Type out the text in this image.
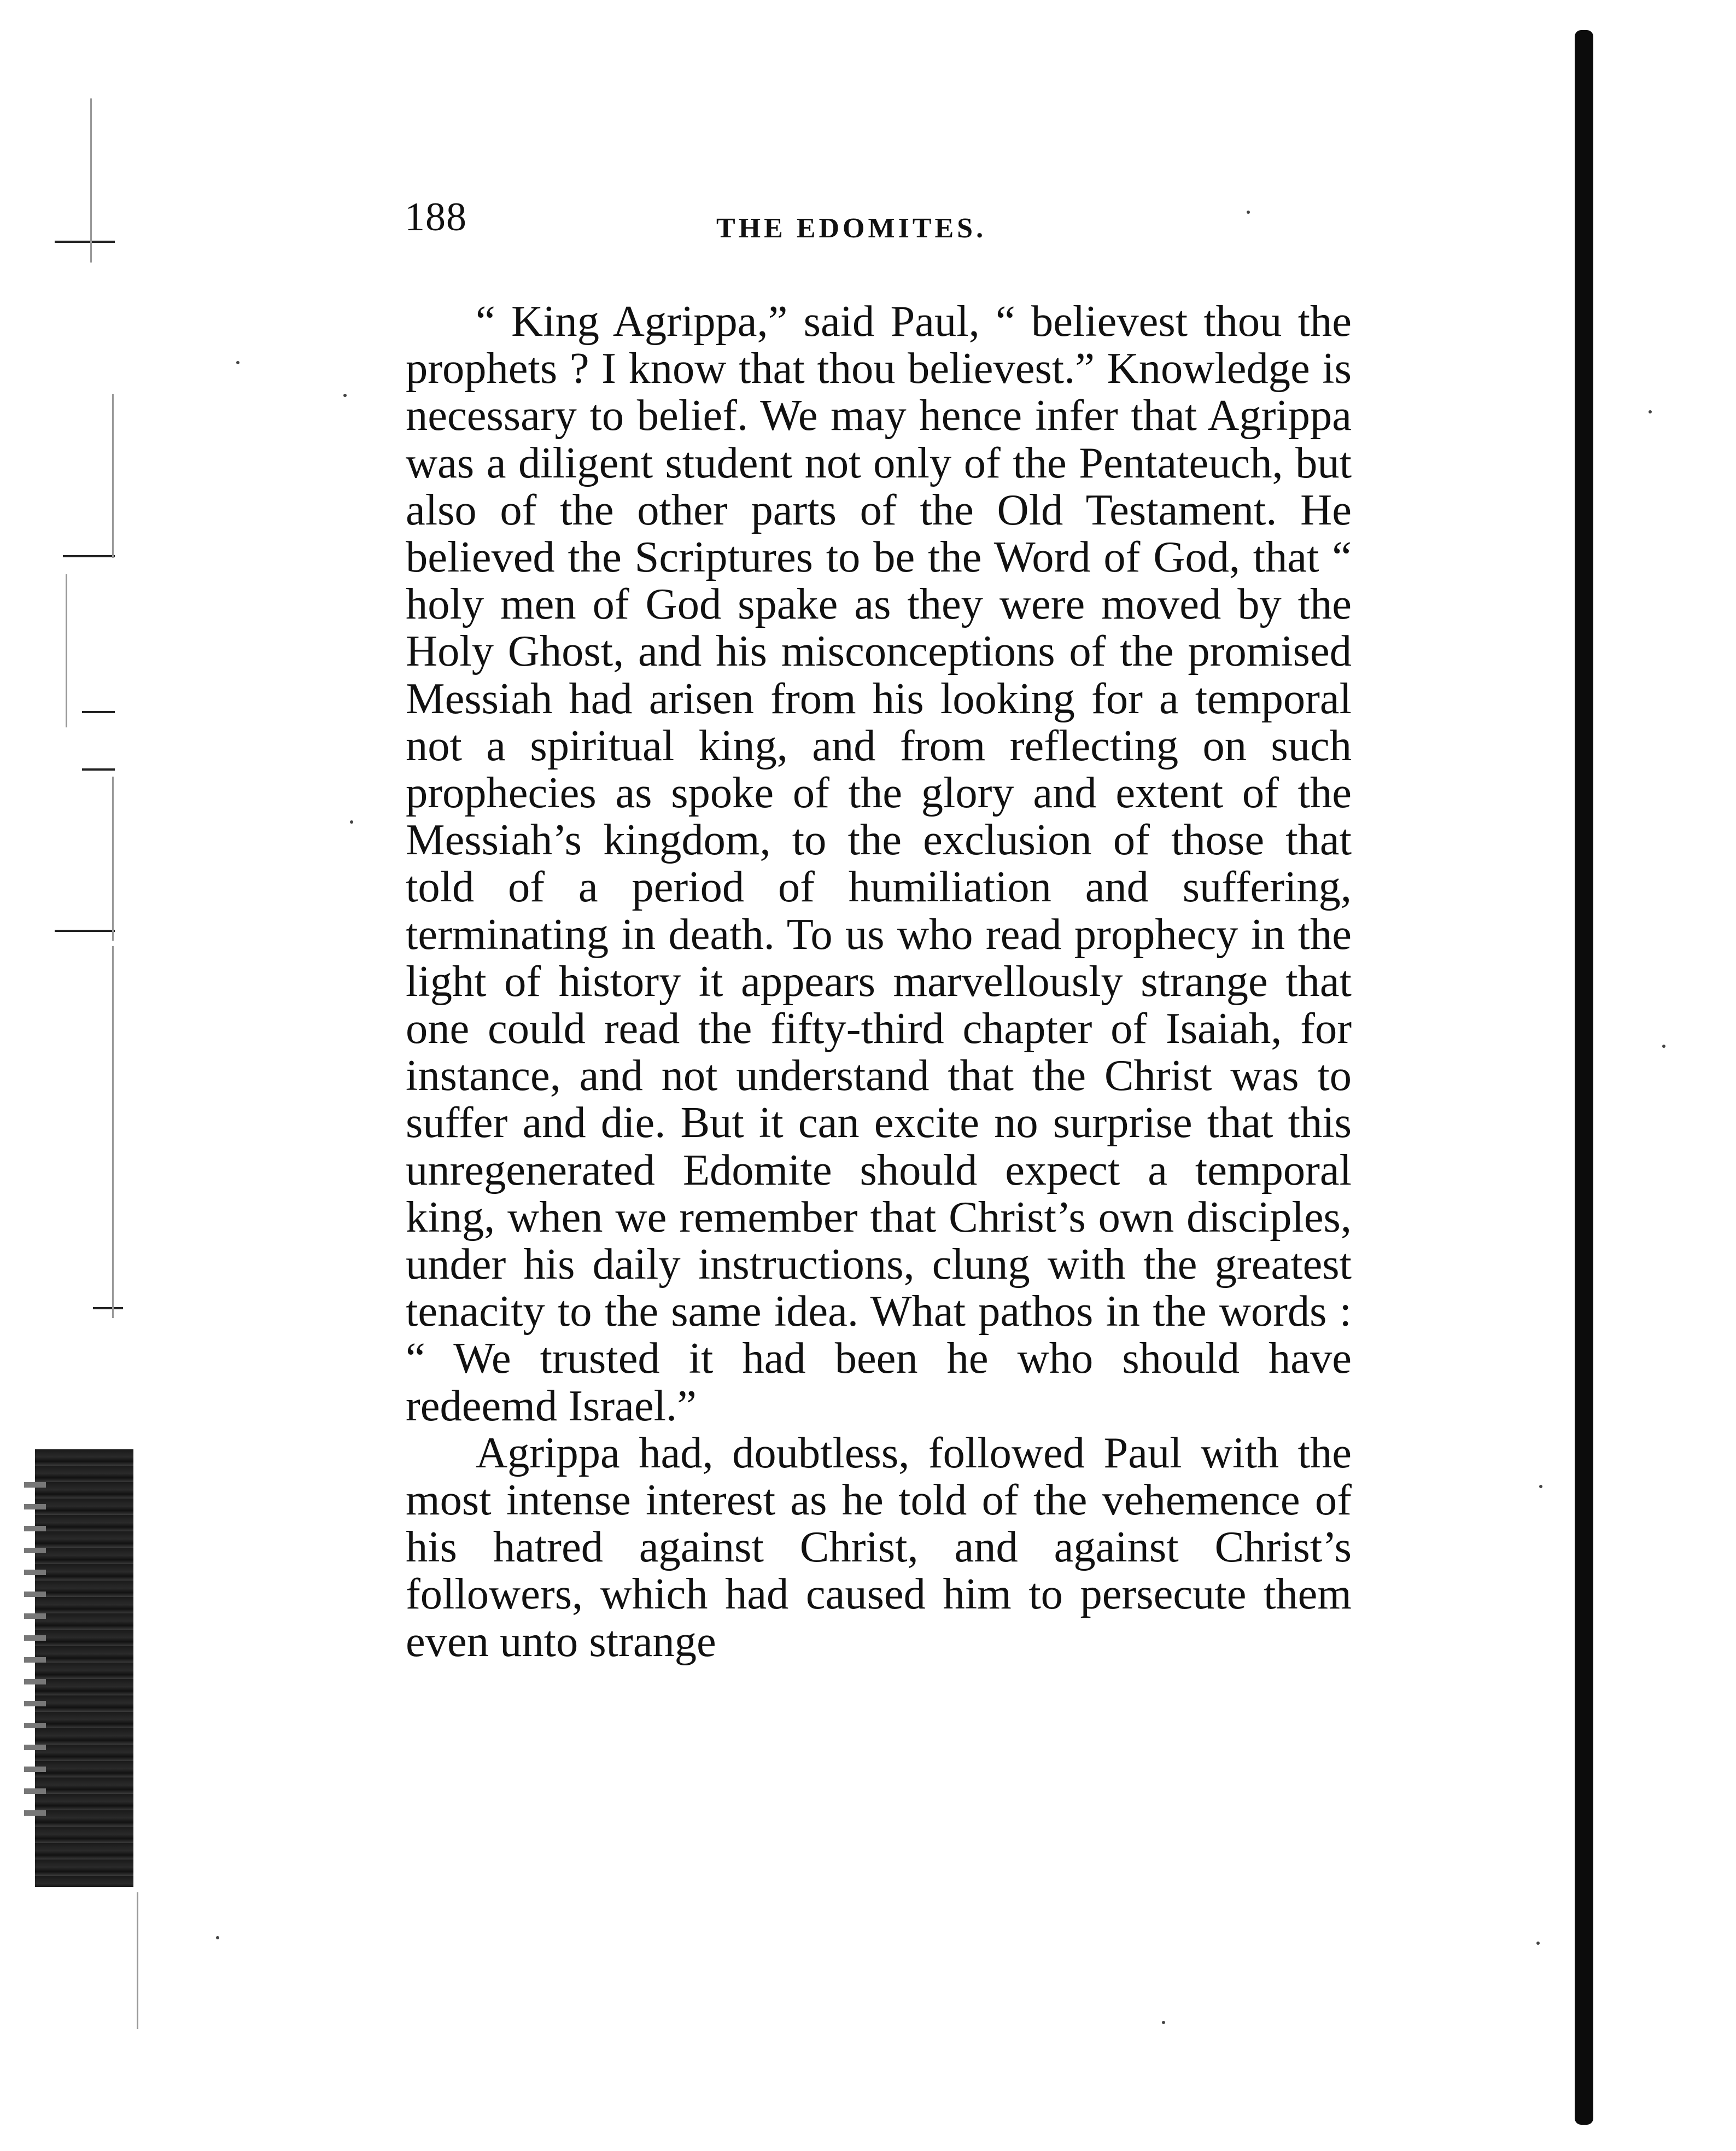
188	THE EDOMITES.

“ King Agrippa,” said Paul, “ believest thou the prophets ? I know that thou believest.” Knowledge is necessary to belief. We may hence infer that Agrippa was a diligent student not only of the Pentateuch, but also of the other parts of the Old Testament. He believed the Scriptures to be the Word of God, that “ holy men of God spake as they were moved by the Holy Ghost, and his misconceptions of the promised Messiah had arisen from his looking for a temporal not a spiritual king, and from reflecting on such prophecies as spoke of the glory and extent of the Messiah’s kingdom, to the exclusion of those that told of a period of humiliation and suffering, terminating in death. To us who read prophecy in the light of history it appears marvellously strange that one could read the fifty-third chapter of Isaiah, for instance, and not understand that the Christ was to suffer and die. But it can excite no surprise that this unregenerated Edomite should expect a temporal king, when we remember that Christ’s own disciples, under his daily instructions, clung with the greatest tenacity to the same idea. What pathos in the words : “ We trusted it had been he who should have redeemd Israel.”

Agrippa had, doubtless, followed Paul with the most intense interest as he told of the vehemence of his hatred against Christ, and against Christ’s followers, which had caused him to persecute them even unto strange
